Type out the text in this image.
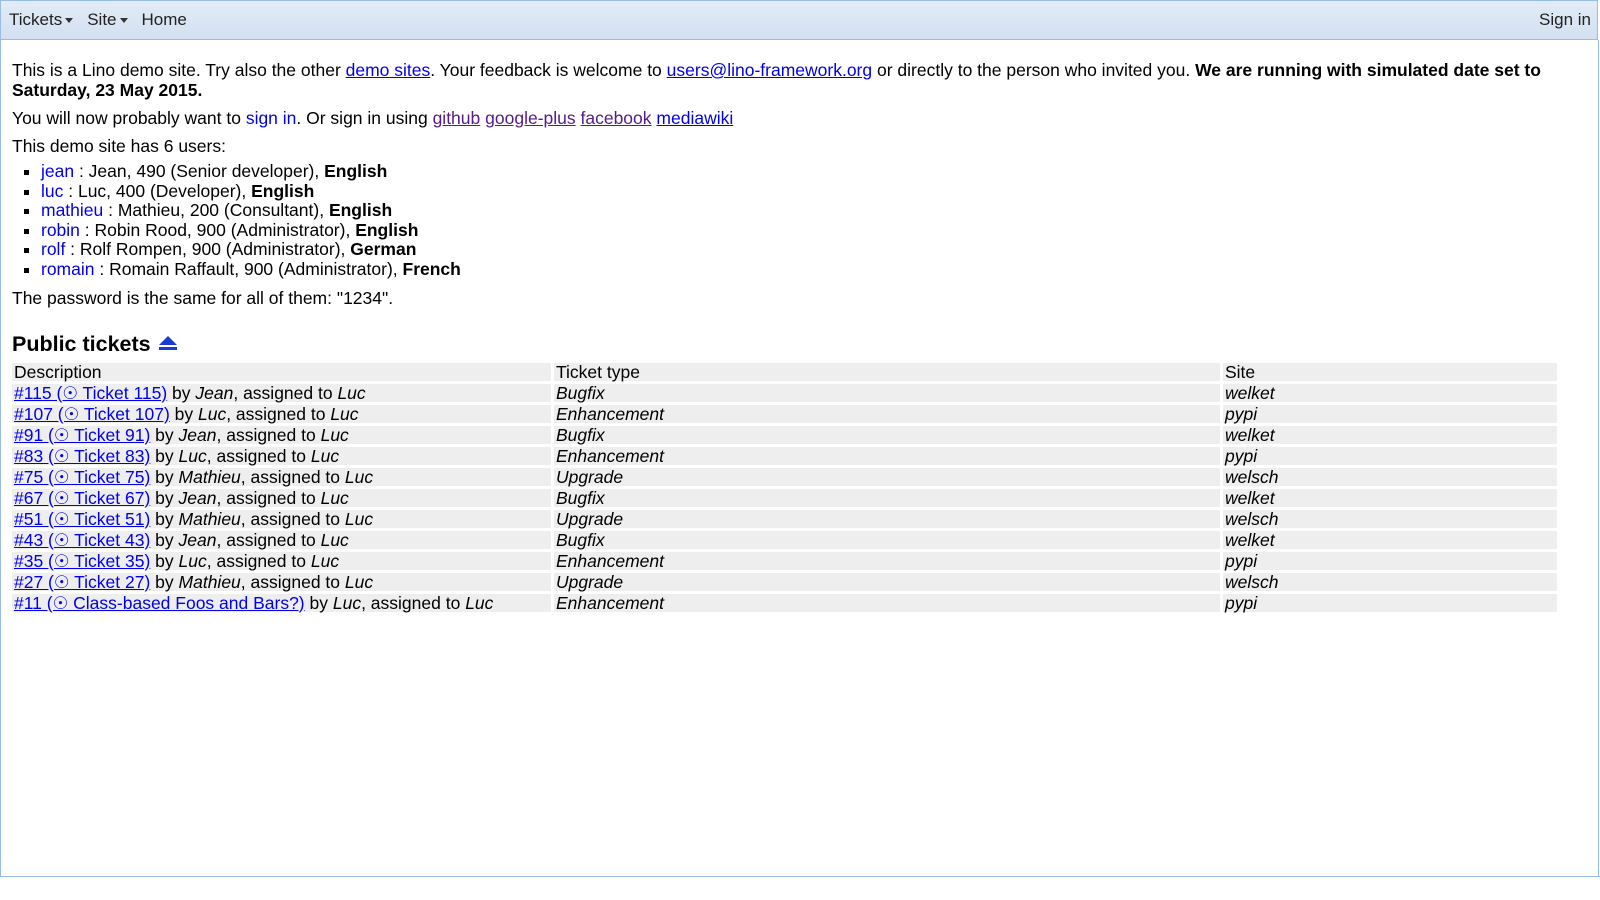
Tickets Site Home	Sign in

This is a Lino demo site. Try also the other demo sites. Your feedback is welcome to users@lino-framework.org or directly to the person who invited you. We are running with simulated date set to Saturday, 23 May 2015.

You will now probably want to sign in. Or sign in using github google-plus facebook mediawiki

This demo site has 6 users:

▪ jean : Jean, 490 (Senior developer), English
▪ luc : Luc, 400 (Developer), English
▪ mathieu : Mathieu, 200 (Consultant), English
▪ robin : Robin Rood, 900 (Administrator), English
▪ rolf : Rolf Rompen, 900 (Administrator), German
▪ romain : Romain Raffault, 900 (Administrator), French

The password is the same for all of them: "1234".

Public tickets
Description	Ticket type	Site
#115 (☉ Ticket 115) by Jean, assigned to Luc	Bugfix	welket
#107 (☉ Ticket 107) by Luc, assigned to Luc	Enhancement	pypi
#91 (☉ Ticket 91) by Jean, assigned to Luc	Bugfix	welket
#83 (☉ Ticket 83) by Luc, assigned to Luc	Enhancement	pypi
#75 (☉ Ticket 75) by Mathieu, assigned to Luc	Upgrade	welsch
#67 (☉ Ticket 67) by Jean, assigned to Luc	Bugfix	welket
#51 (☉ Ticket 51) by Mathieu, assigned to Luc	Upgrade	welsch
#43 (☉ Ticket 43) by Jean, assigned to Luc	Bugfix	welket
#35 (☉ Ticket 35) by Luc, assigned to Luc	Enhancement	pypi
#27 (☉ Ticket 27) by Mathieu, assigned to Luc	Upgrade	welsch
#11 (☉ Class-based Foos and Bars?) by Luc, assigned to Luc	Enhancement	pypi
